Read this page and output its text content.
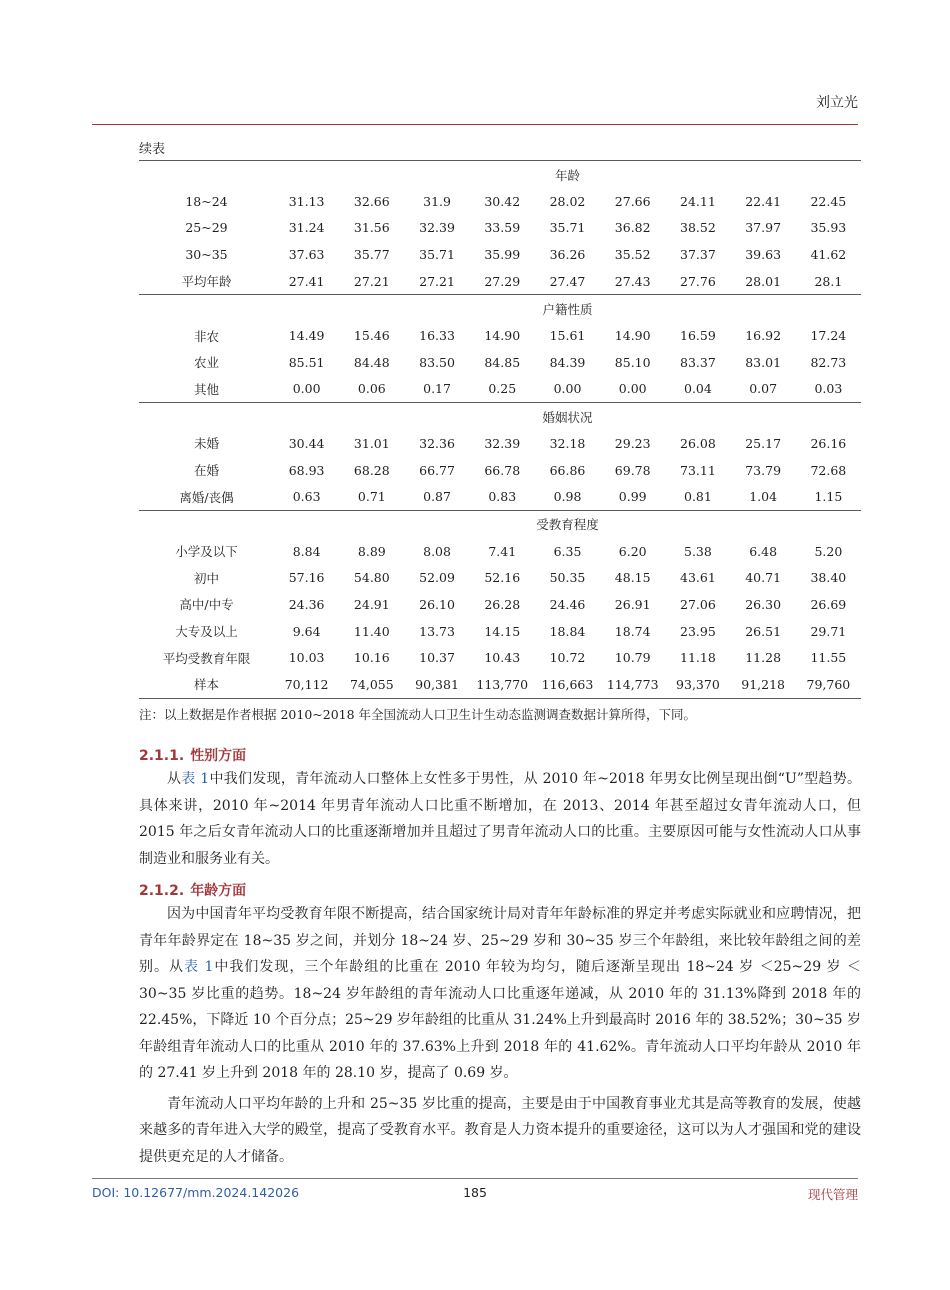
刘立光
续表
	年龄								
18~24	31.13	32.66	31.9	30.42	28.02	27.66	24.11	22.41	22.45
25~29	31.24	31.56	32.39	33.59	35.71	36.82	38.52	37.97	35.93
30~35	37.63	35.77	35.71	35.99	36.26	35.52	37.37	39.63	41.62
平均年龄	27.41	27.21	27.21	27.29	27.47	27.43	27.76	28.01	28.1
	户籍性质								
非农	14.49	15.46	16.33	14.90	15.61	14.90	16.59	16.92	17.24
农业	85.51	84.48	83.50	84.85	84.39	85.10	83.37	83.01	82.73
其他	0.00	0.06	0.17	0.25	0.00	0.00	0.04	0.07	0.03
	婚姻状况								
未婚	30.44	31.01	32.36	32.39	32.18	29.23	26.08	25.17	26.16
在婚	68.93	68.28	66.77	66.78	66.86	69.78	73.11	73.79	72.68
离婚/丧偶	0.63	0.71	0.87	0.83	0.98	0.99	0.81	1.04	1.15
	受教育程度								
小学及以下	8.84	8.89	8.08	7.41	6.35	6.20	5.38	6.48	5.20
初中	57.16	54.80	52.09	52.16	50.35	48.15	43.61	40.71	38.40
高中/中专	24.36	24.91	26.10	26.28	24.46	26.91	27.06	26.30	26.69
大专及以上	9.64	11.40	13.73	14.15	18.84	18.74	23.95	26.51	29.71
平均受教育年限	10.03	10.16	10.37	10.43	10.72	10.79	11.18	11.28	11.55
样本	70,112	74,055	90,381	113,770	116,663	114,773	93,370	91,218	79,760
注：以上数据是作者根据 2010~2018 年全国流动人口卫生计生动态监测调查数据计算所得，下同。
2.1.1. 性别方面

从表 1中我们发现，青年流动人口整体上女性多于男性，从 2010 年~2018 年男女比例呈现出倒“U”型趋势。具体来讲，2010 年~2014 年男青年流动人口比重不断增加，在 2013、2014 年甚至超过女青年流动人口，但 2015 年之后女青年流动人口的比重逐渐增加并且超过了男青年流动人口的比重。主要原因可能与女性流动人口从事制造业和服务业有关。

2.1.2. 年龄方面

因为中国青年平均受教育年限不断提高，结合国家统计局对青年年龄标准的界定并考虑实际就业和应聘情况，把青年年龄界定在 18~35 岁之间，并划分 18~24 岁、25~29 岁和 30~35 岁三个年龄组，来比较年龄组之间的差别。从表 1中我们发现，三个年龄组的比重在 2010 年较为均匀，随后逐渐呈现出 18~24 岁 ＜25~29 岁 ＜30~35 岁比重的趋势。18~24 岁年龄组的青年流动人口比重逐年递减，从 2010 年的 31.13%降到 2018 年的 22.45%，下降近 10 个百分点；25~29 岁年龄组的比重从 31.24%上升到最高时 2016 年的 38.52%；30~35 岁年龄组青年流动人口的比重从 2010 年的 37.63%上升到 2018 年的 41.62%。青年流动人口平均年龄从 2010 年的 27.41 岁上升到 2018 年的 28.10 岁，提高了 0.69 岁。

青年流动人口平均年龄的上升和 25~35 岁比重的提高，主要是由于中国教育事业尤其是高等教育的发展，使越来越多的青年进入大学的殿堂，提高了受教育水平。教育是人力资本提升的重要途径，这可以为人才强国和党的建设提供更充足的人才储备。

DOI: 10.12677/mm.2024.142026	185	现代管理
